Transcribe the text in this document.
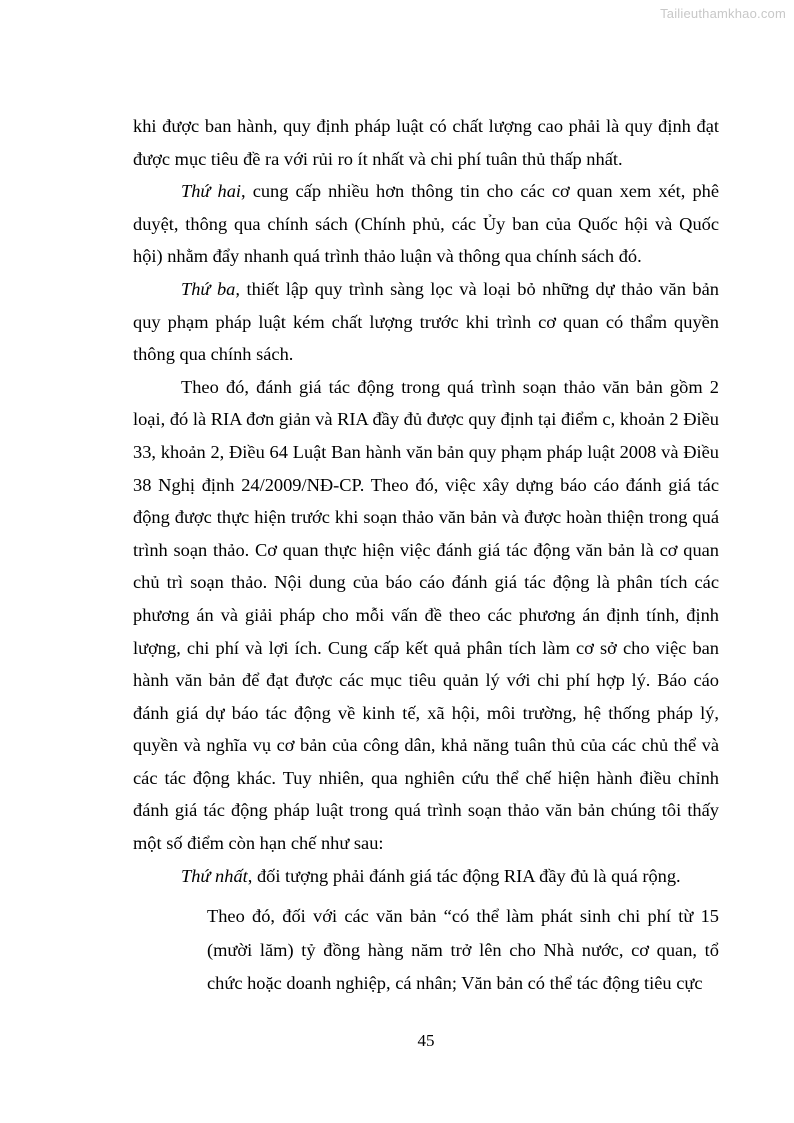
Tailieuthamkhao.com

khi được ban hành, quy định pháp luật có chất lượng cao phải là quy định đạt được mục tiêu đề ra với rủi ro ít nhất và chi phí tuân thủ thấp nhất.

Thứ hai, cung cấp nhiều hơn thông tin cho các cơ quan xem xét, phê duyệt, thông qua chính sách (Chính phủ, các Ủy ban của Quốc hội và Quốc hội) nhằm đẩy nhanh quá trình thảo luận và thông qua chính sách đó.

Thứ ba, thiết lập quy trình sàng lọc và loại bỏ những dự thảo văn bản quy phạm pháp luật kém chất lượng trước khi trình cơ quan có thẩm quyền thông qua chính sách.

Theo đó, đánh giá tác động trong quá trình soạn thảo văn bản gồm 2 loại, đó là RIA đơn giản và RIA đầy đủ được quy định tại điểm c, khoản 2 Điều 33, khoản 2, Điều 64 Luật Ban hành văn bản quy phạm pháp luật 2008 và Điều 38 Nghị định 24/2009/NĐ-CP. Theo đó, việc xây dựng báo cáo đánh giá tác động được thực hiện trước khi soạn thảo văn bản và được hoàn thiện trong quá trình soạn thảo. Cơ quan thực hiện việc đánh giá tác động văn bản là cơ quan chủ trì soạn thảo. Nội dung của báo cáo đánh giá tác động là phân tích các phương án và giải pháp cho mỗi vấn đề theo các phương án định tính, định lượng, chi phí và lợi ích. Cung cấp kết quả phân tích làm cơ sở cho việc ban hành văn bản để đạt được các mục tiêu quản lý với chi phí hợp lý. Báo cáo đánh giá dự báo tác động về kinh tế, xã hội, môi trường, hệ thống pháp lý, quyền và nghĩa vụ cơ bản của công dân, khả năng tuân thủ của các chủ thể và các tác động khác. Tuy nhiên, qua nghiên cứu thể chế hiện hành điều chỉnh đánh giá tác động pháp luật trong quá trình soạn thảo văn bản chúng tôi thấy một số điểm còn hạn chế như sau:

Thứ nhất, đối tượng phải đánh giá tác động RIA đầy đủ là quá rộng.

Theo đó, đối với các văn bản “có thể làm phát sinh chi phí từ 15 (mười lăm) tỷ đồng hàng năm trở lên cho Nhà nước, cơ quan, tổ chức hoặc doanh nghiệp, cá nhân; Văn bản có thể tác động tiêu cực

45
